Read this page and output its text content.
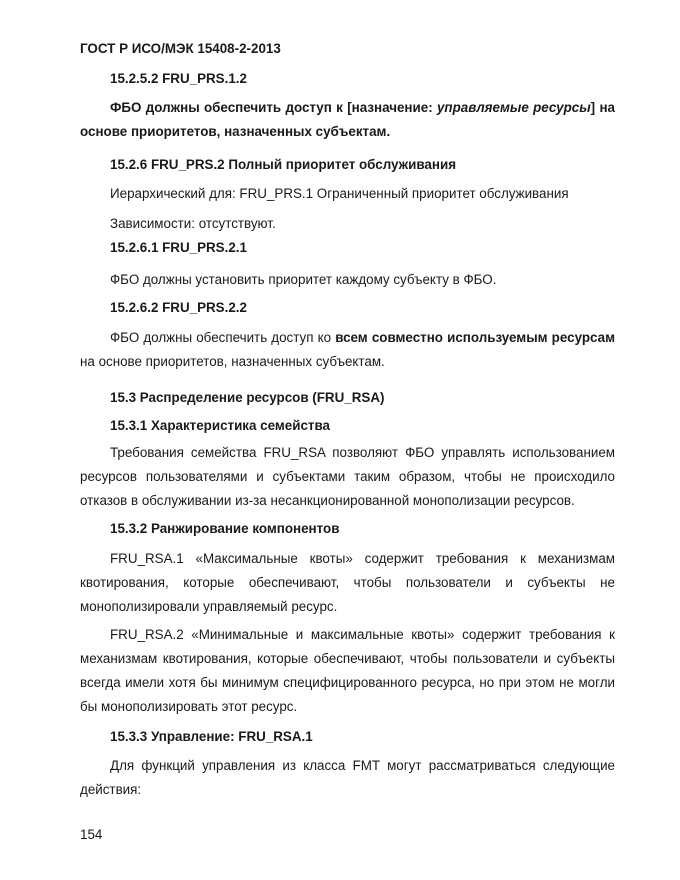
ГОСТ Р ИСО/МЭК 15408-2-2013
15.2.5.2 FRU_PRS.1.2
ФБО должны обеспечить доступ к [назначение: управляемые ресурсы] на основе приоритетов, назначенных субъектам.
15.2.6 FRU_PRS.2 Полный приоритет обслуживания
Иерархический для: FRU_PRS.1 Ограниченный приоритет обслуживания
Зависимости: отсутствуют.
15.2.6.1 FRU_PRS.2.1
ФБО должны установить приоритет каждому субъекту в ФБО.
15.2.6.2 FRU_PRS.2.2
ФБО должны обеспечить доступ ко всем совместно используемым ресурсам на основе приоритетов, назначенных субъектам.
15.3 Распределение ресурсов (FRU_RSA)
15.3.1 Характеристика семейства
Требования семейства FRU_RSA позволяют ФБО управлять использованием ресурсов пользователями и субъектами таким образом, чтобы не происходило отказов в обслуживании из-за несанкционированной монополизации ресурсов.
15.3.2 Ранжирование компонентов
FRU_RSA.1 «Максимальные квоты» содержит требования к механизмам квотирования, которые обеспечивают, чтобы пользователи и субъекты не монополизировали управляемый ресурс.
FRU_RSA.2 «Минимальные и максимальные квоты» содержит требования к механизмам квотирования, которые обеспечивают, чтобы пользователи и субъекты всегда имели хотя бы минимум специфицированного ресурса, но при этом не могли бы монополизировать этот ресурс.
15.3.3 Управление: FRU_RSA.1
Для функций управления из класса FMT могут рассматриваться следующие действия:
154
